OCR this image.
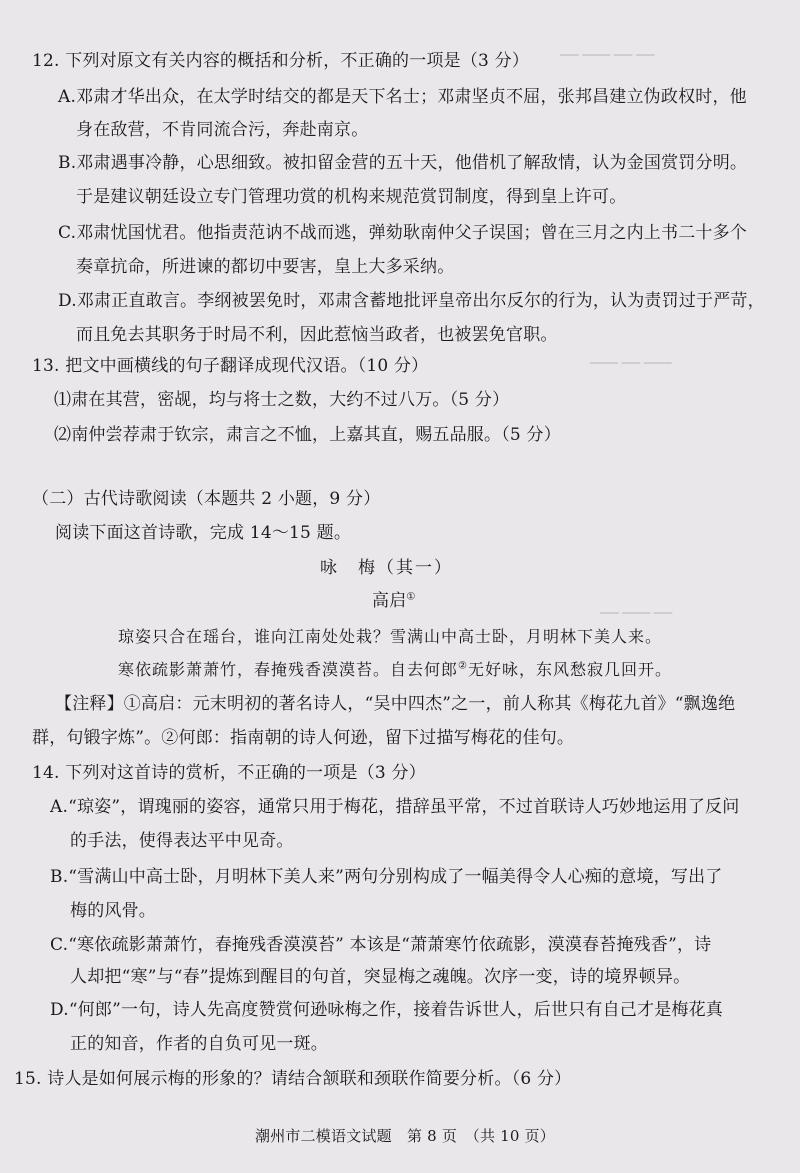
▁▁ ▁▁▁ ▁▁ ▁▁
▁▁▁ ▁▁ ▁▁▁
▁▁ ▁▁▁ ▁▁
12. 下列对原文有关内容的概括和分析，不正确的一项是（3 分）
A.邓肃才华出众，在太学时结交的都是天下名士；邓肃坚贞不屈，张邦昌建立伪政权时，他
身在敌营，不肯同流合污，奔赴南京。
B.邓肃遇事冷静，心思细致。被扣留金营的五十天，他借机了解敌情，认为金国赏罚分明。
于是建议朝廷设立专门管理功赏的机构来规范赏罚制度，得到皇上许可。
C.邓肃忧国忧君。他指责范讷不战而逃，弹劾耿南仲父子误国；曾在三月之内上书二十多个
奏章抗命，所进谏的都切中要害，皇上大多采纳。
D.邓肃正直敢言。李纲被罢免时，邓肃含蓄地批评皇帝出尔反尔的行为，认为责罚过于严苛，
而且免去其职务于时局不利，因此惹恼当政者，也被罢免官职。
13. 把文中画横线的句子翻译成现代汉语。（10 分）
⑴肃在其营，密觇，均与将士之数，大约不过八万。（5 分）
⑵南仲尝荐肃于钦宗，肃言之不恤，上嘉其直，赐五品服。（5 分）
（二）古代诗歌阅读（本题共 2 小题，9 分）
阅读下面这首诗歌，完成 14～15 题。
咏　梅（其一）
高启①
琼姿只合在瑶台，谁向江南处处栽？雪满山中高士卧，月明林下美人来。
寒依疏影萧萧竹，春掩残香漠漠苔。自去何郎②无好咏，东风愁寂几回开。
【注释】①高启：元末明初的著名诗人，“吴中四杰”之一，前人称其《梅花九首》“飘逸绝
群，句锻字炼”。②何郎：指南朝的诗人何逊，留下过描写梅花的佳句。
14. 下列对这首诗的赏析，不正确的一项是（3 分）
A.“琼姿”，谓瑰丽的姿容，通常只用于梅花，措辞虽平常，不过首联诗人巧妙地运用了反问
的手法，使得表达平中见奇。
B.“雪满山中高士卧，月明林下美人来”两句分别构成了一幅美得令人心痴的意境，写出了
梅的风骨。
C.“寒依疏影萧萧竹，春掩残香漠漠苔” 本该是“萧萧寒竹依疏影，漠漠春苔掩残香”，诗
人却把“寒”与“春”提炼到醒目的句首，突显梅之魂魄。次序一变，诗的境界顿异。
D.“何郎”一句，诗人先高度赞赏何逊咏梅之作，接着告诉世人，后世只有自己才是梅花真
正的知音，作者的自负可见一斑。
15. 诗人是如何展示梅的形象的？请结合颔联和颈联作简要分析。（6 分）
潮州市二模语文试题　第 8 页　（共 10 页）
